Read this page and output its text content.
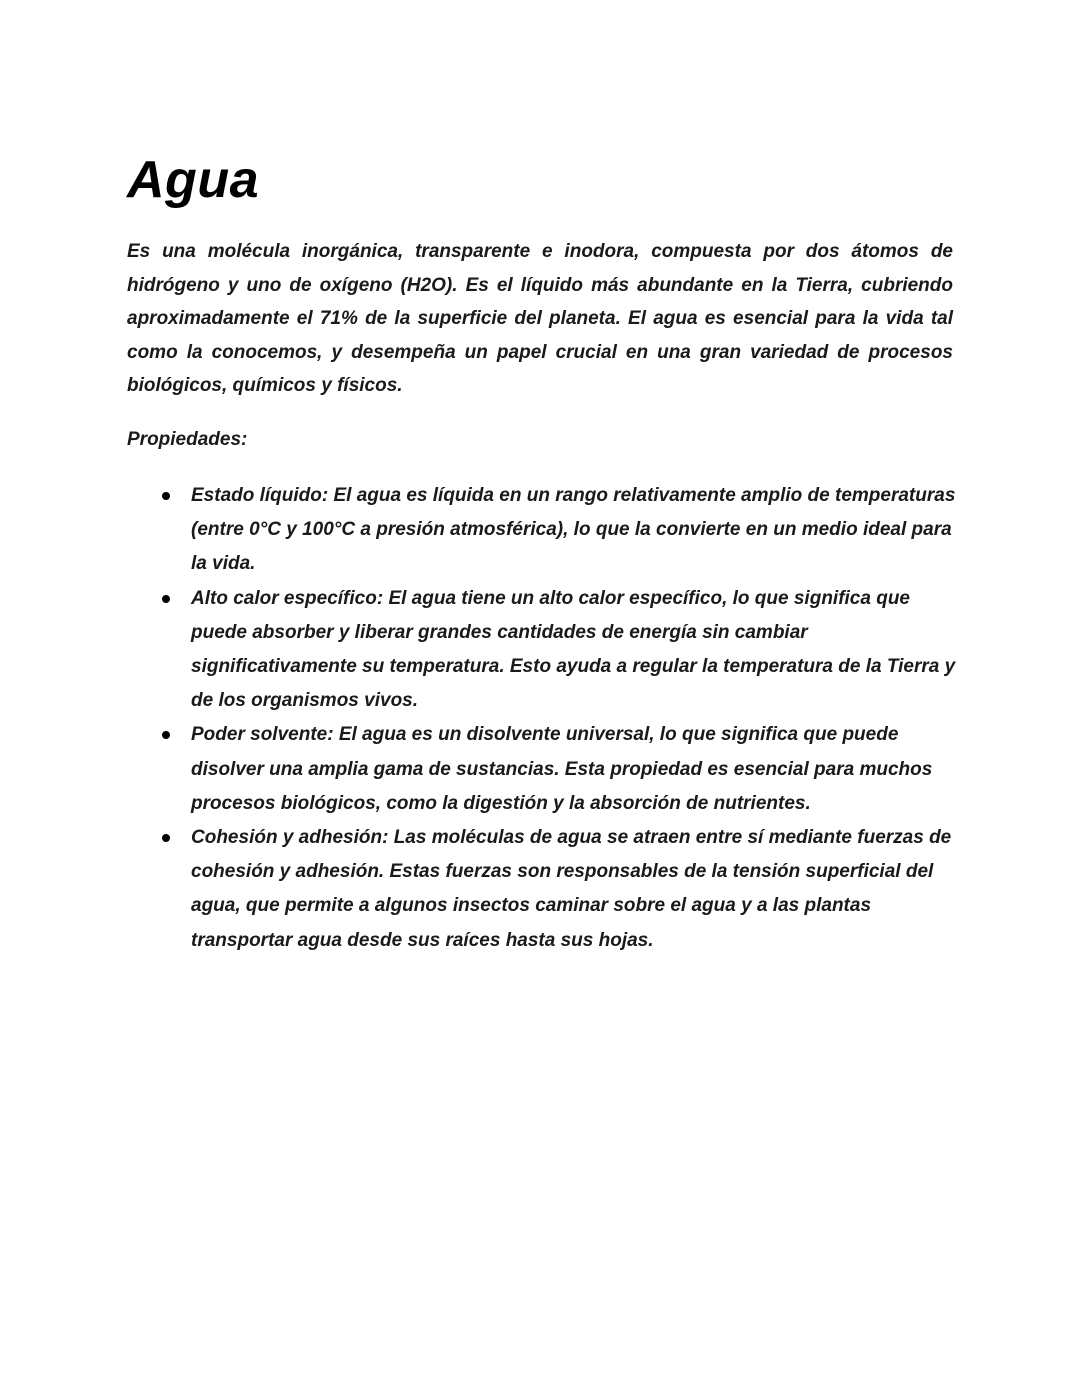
Agua

Es una molécula inorgánica, transparente e inodora, compuesta por dos átomos de hidrógeno y uno de oxígeno (H2O). Es el líquido más abundante en la Tierra, cubriendo aproximadamente el 71% de la superficie del planeta. El agua es esencial para la vida tal como la conocemos, y desempeña un papel crucial en una gran variedad de procesos biológicos, químicos y físicos.

Propiedades:

Estado líquido: El agua es líquida en un rango relativamente amplio de temperaturas (entre 0°C y 100°C a presión atmosférica), lo que la convierte en un medio ideal para la vida.
Alto calor específico: El agua tiene un alto calor específico, lo que significa que puede absorber y liberar grandes cantidades de energía sin cambiar significativamente su temperatura. Esto ayuda a regular la temperatura de la Tierra y de los organismos vivos.
Poder solvente: El agua es un disolvente universal, lo que significa que puede disolver una amplia gama de sustancias. Esta propiedad es esencial para muchos procesos biológicos, como la digestión y la absorción de nutrientes.
Cohesión y adhesión: Las moléculas de agua se atraen entre sí mediante fuerzas de cohesión y adhesión. Estas fuerzas son responsables de la tensión superficial del agua, que permite a algunos insectos caminar sobre el agua y a las plantas transportar agua desde sus raíces hasta sus hojas.
